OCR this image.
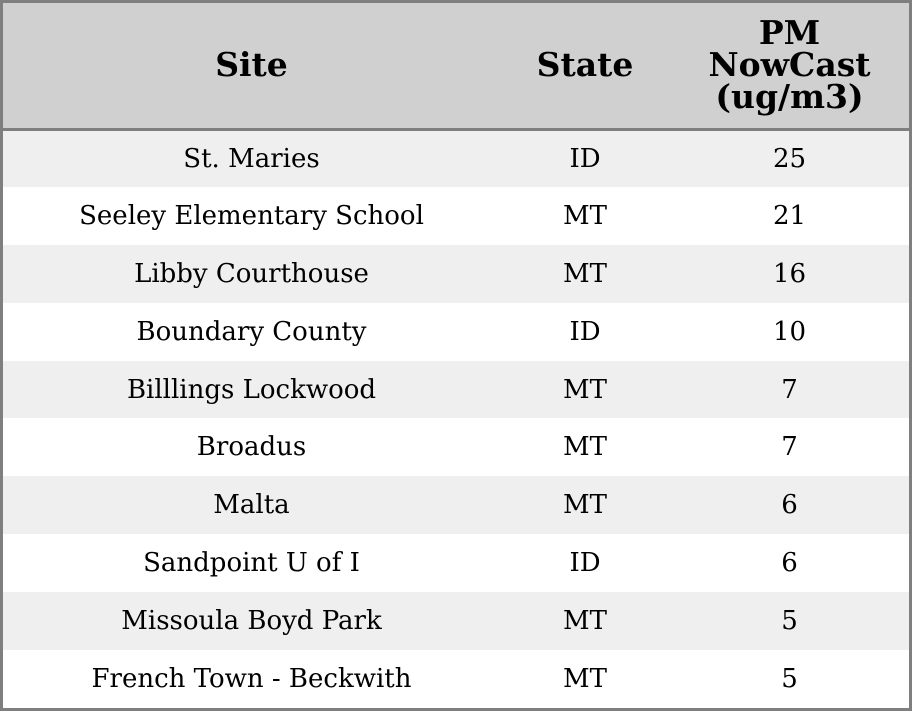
Site	State	PM
NowCast
(ug/m3)

St. Maries	ID	25
Seeley Elementary School	MT	21
Libby Courthouse	MT	16
Boundary County	ID	10
Billlings Lockwood	MT	7
Broadus	MT	7
Malta	MT	6
Sandpoint U of I	ID	6
Missoula Boyd Park	MT	5
French Town - Beckwith	MT	5
